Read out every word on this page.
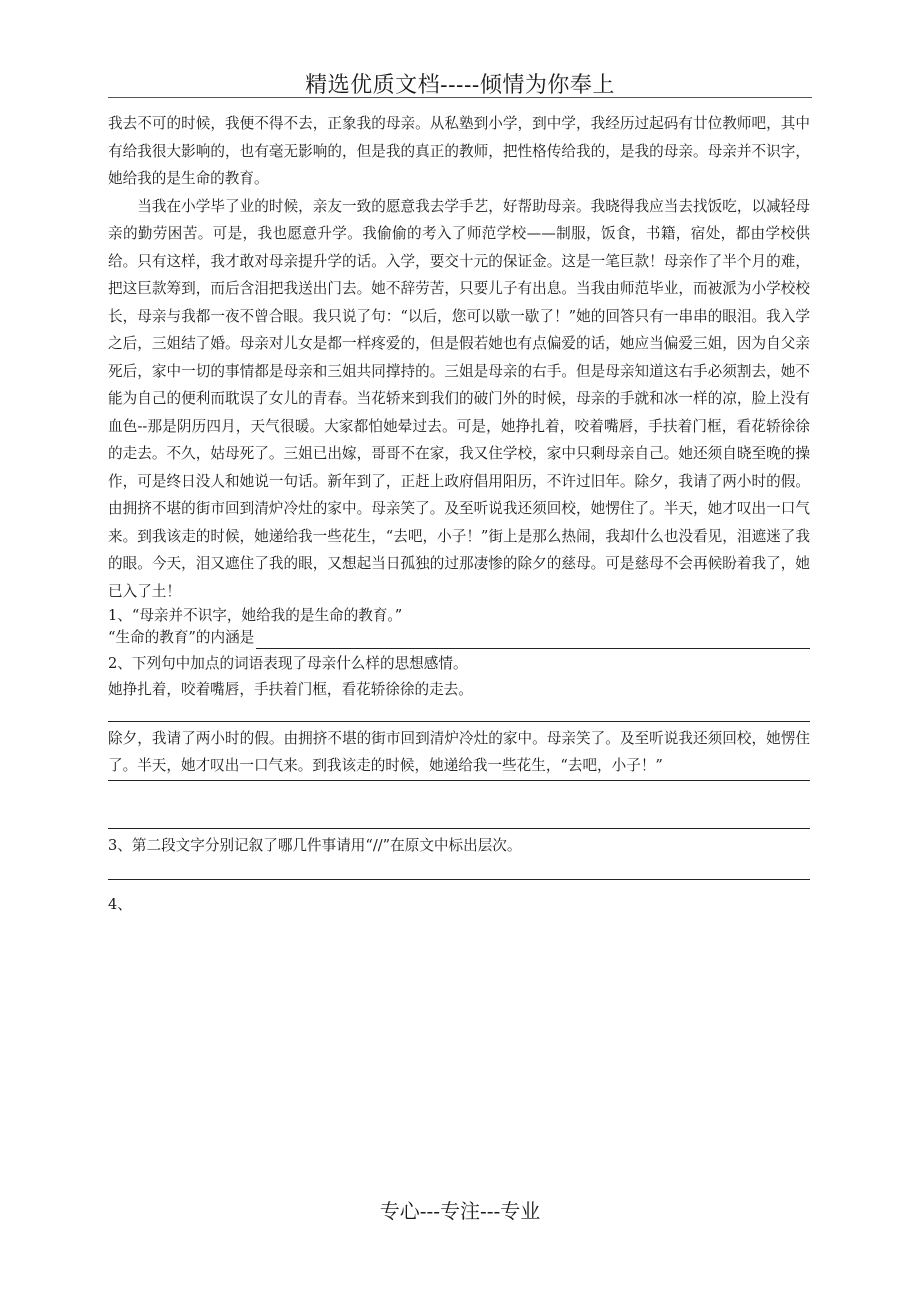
精选优质文档-----倾情为你奉上

我去不可的时候，我便不得不去，正象我的母亲。从私塾到小学，到中学，我经历过起码有廿位教师吧，其中有给我很大影响的，也有毫无影响的，但是我的真正的教师，把性格传给我的，是我的母亲。母亲并不识字，她给我的是生命的教育。

当我在小学毕了业的时候，亲友一致的愿意我去学手艺，好帮助母亲。我晓得我应当去找饭吃，以减轻母亲的勤劳困苦。可是，我也愿意升学。我偷偷的考入了师范学校——制服，饭食，书籍，宿处，都由学校供给。只有这样，我才敢对母亲提升学的话。入学，要交十元的保证金。这是一笔巨款！母亲作了半个月的难，把这巨款筹到，而后含泪把我送出门去。她不辞劳苦，只要儿子有出息。当我由师范毕业，而被派为小学校校长，母亲与我都一夜不曾合眼。我只说了句：“以后，您可以歇一歇了！”她的回答只有一串串的眼泪。我入学之后，三姐结了婚。母亲对儿女是都一样疼爱的，但是假若她也有点偏爱的话，她应当偏爱三姐，因为自父亲死后，家中一切的事情都是母亲和三姐共同撑持的。三姐是母亲的右手。但是母亲知道这右手必须割去，她不能为自己的便利而耽误了女儿的青春。当花轿来到我们的破门外的时候，母亲的手就和冰一样的凉，脸上没有血色--那是阴历四月，天气很暖。大家都怕她晕过去。可是，她挣扎着，咬着嘴唇，手扶着门框，看花轿徐徐的走去。不久，姑母死了。三姐已出嫁，哥哥不在家，我又住学校，家中只剩母亲自己。她还须自晓至晚的操作，可是终日没人和她说一句话。新年到了，正赶上政府倡用阳历，不许过旧年。除夕，我请了两小时的假。由拥挤不堪的街市回到清炉冷灶的家中。母亲笑了。及至听说我还须回校，她愣住了。半天，她才叹出一口气来。到我该走的时候，她递给我一些花生，“去吧，小子！”街上是那么热闹，我却什么也没看见，泪遮迷了我的眼。今天，泪又遮住了我的眼，又想起当日孤独的过那凄惨的除夕的慈母。可是慈母不会再候盼着我了，她已入了土！

1、“母亲并不识字，她给我的是生命的教育。”

“生命的教育”的内涵是

2、下列句中加点的词语表现了母亲什么样的思想感情。

她挣扎着，咬着嘴唇，手扶着门框，看花轿徐徐的走去。

除夕，我请了两小时的假。由拥挤不堪的街市回到清炉冷灶的家中。母亲笑了。及至听说我还须回校，她愣住了。半天，她才叹出一口气来。到我该走的时候，她递给我一些花生，“去吧，小子！”

3、第二段文字分别记叙了哪几件事请用“//”在原文中标出层次。

4、

专心---专注---专业
